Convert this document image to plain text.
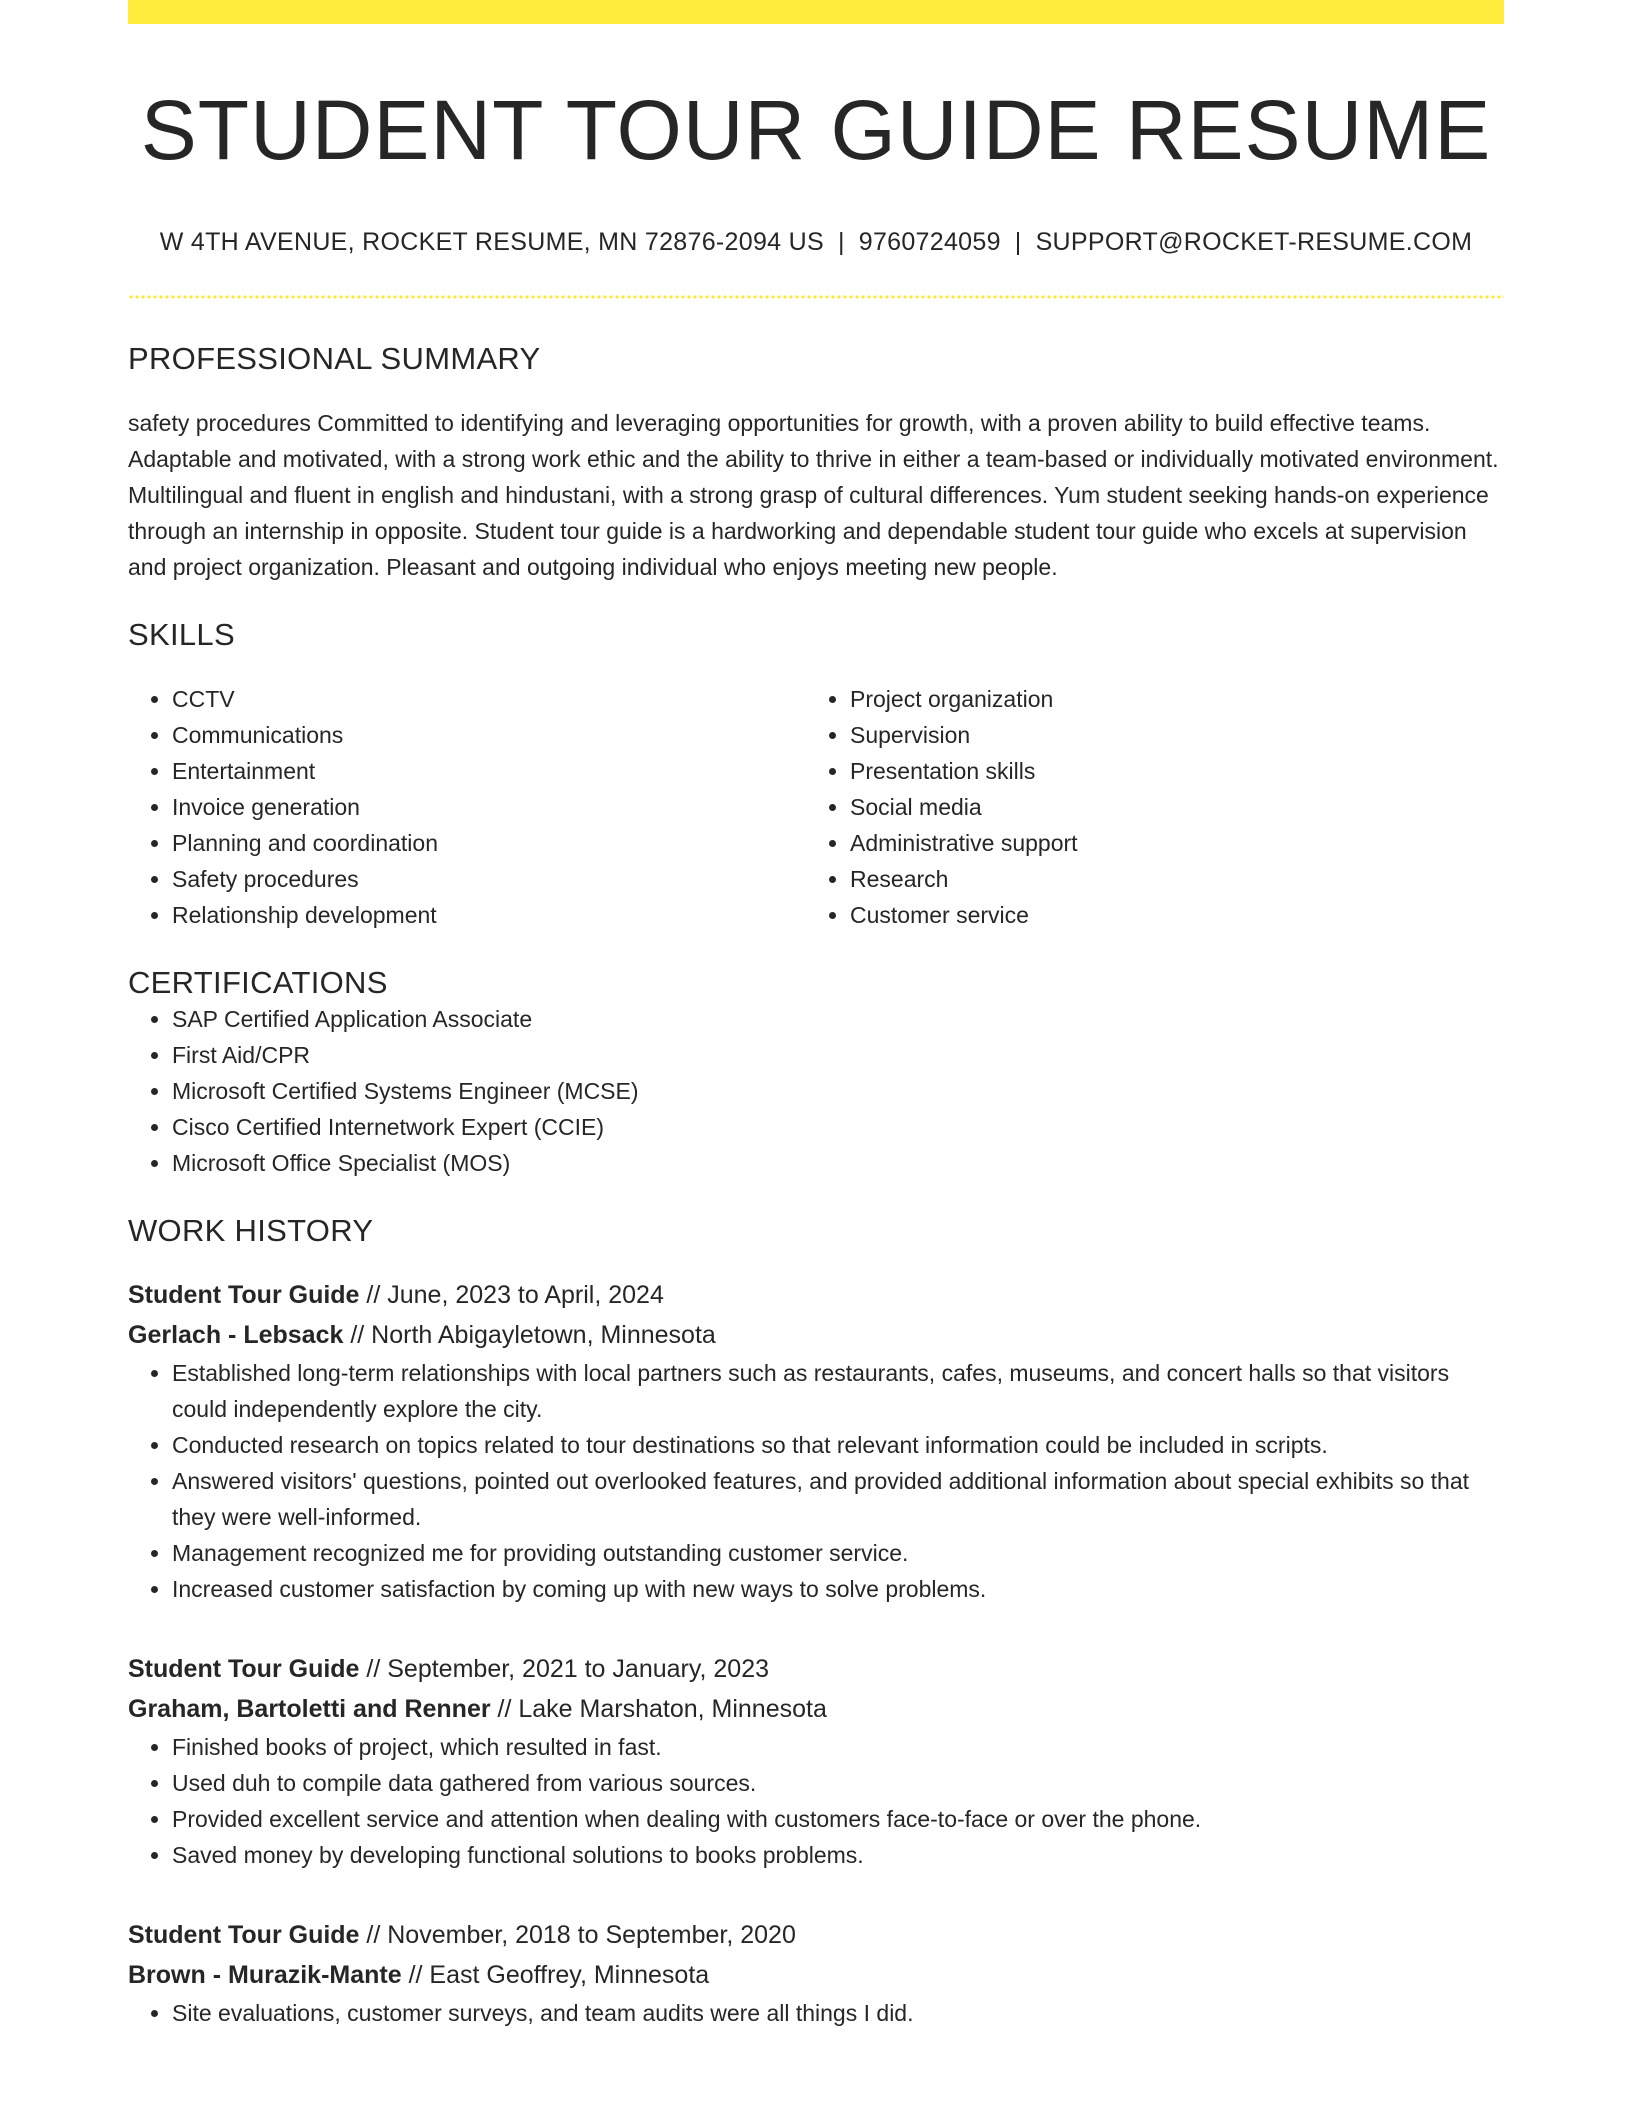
STUDENT TOUR GUIDE RESUME
W 4TH AVENUE, ROCKET RESUME, MN 72876-2094 US | 9760724059 | SUPPORT@ROCKET-RESUME.COM
PROFESSIONAL SUMMARY

safety procedures Committed to identifying and leveraging opportunities for growth, with a proven ability to build effective teams. Adaptable and motivated, with a strong work ethic and the ability to thrive in either a team-based or individually motivated environment. Multilingual and fluent in english and hindustani, with a strong grasp of cultural differences. Yum student seeking hands-on experience through an internship in opposite. Student tour guide is a hardworking and dependable student tour guide who excels at supervision and project organization. Pleasant and outgoing individual who enjoys meeting new people.

SKILLS
• CCTV
• Communications
• Entertainment
• Invoice generation
• Planning and coordination
• Safety procedures
• Relationship development
• Project organization
• Supervision
• Presentation skills
• Social media
• Administrative support
• Research
• Customer service
CERTIFICATIONS
• SAP Certified Application Associate
• First Aid/CPR
• Microsoft Certified Systems Engineer (MCSE)
• Cisco Certified Internetwork Expert (CCIE)
• Microsoft Office Specialist (MOS)
WORK HISTORY
Student Tour Guide // June, 2023 to April, 2024
Gerlach - Lebsack // North Abigayletown, Minnesota
• Established long-term relationships with local partners such as restaurants, cafes, museums, and concert halls so that visitors could independently explore the city.
• Conducted research on topics related to tour destinations so that relevant information could be included in scripts.
• Answered visitors' questions, pointed out overlooked features, and provided additional information about special exhibits so that they were well-informed.
• Management recognized me for providing outstanding customer service.
• Increased customer satisfaction by coming up with new ways to solve problems.
Student Tour Guide // September, 2021 to January, 2023
Graham, Bartoletti and Renner // Lake Marshaton, Minnesota
• Finished books of project, which resulted in fast.
• Used duh to compile data gathered from various sources.
• Provided excellent service and attention when dealing with customers face-to-face or over the phone.
• Saved money by developing functional solutions to books problems.
Student Tour Guide // November, 2018 to September, 2020
Brown - Murazik-Mante // East Geoffrey, Minnesota
• Site evaluations, customer surveys, and team audits were all things I did.
